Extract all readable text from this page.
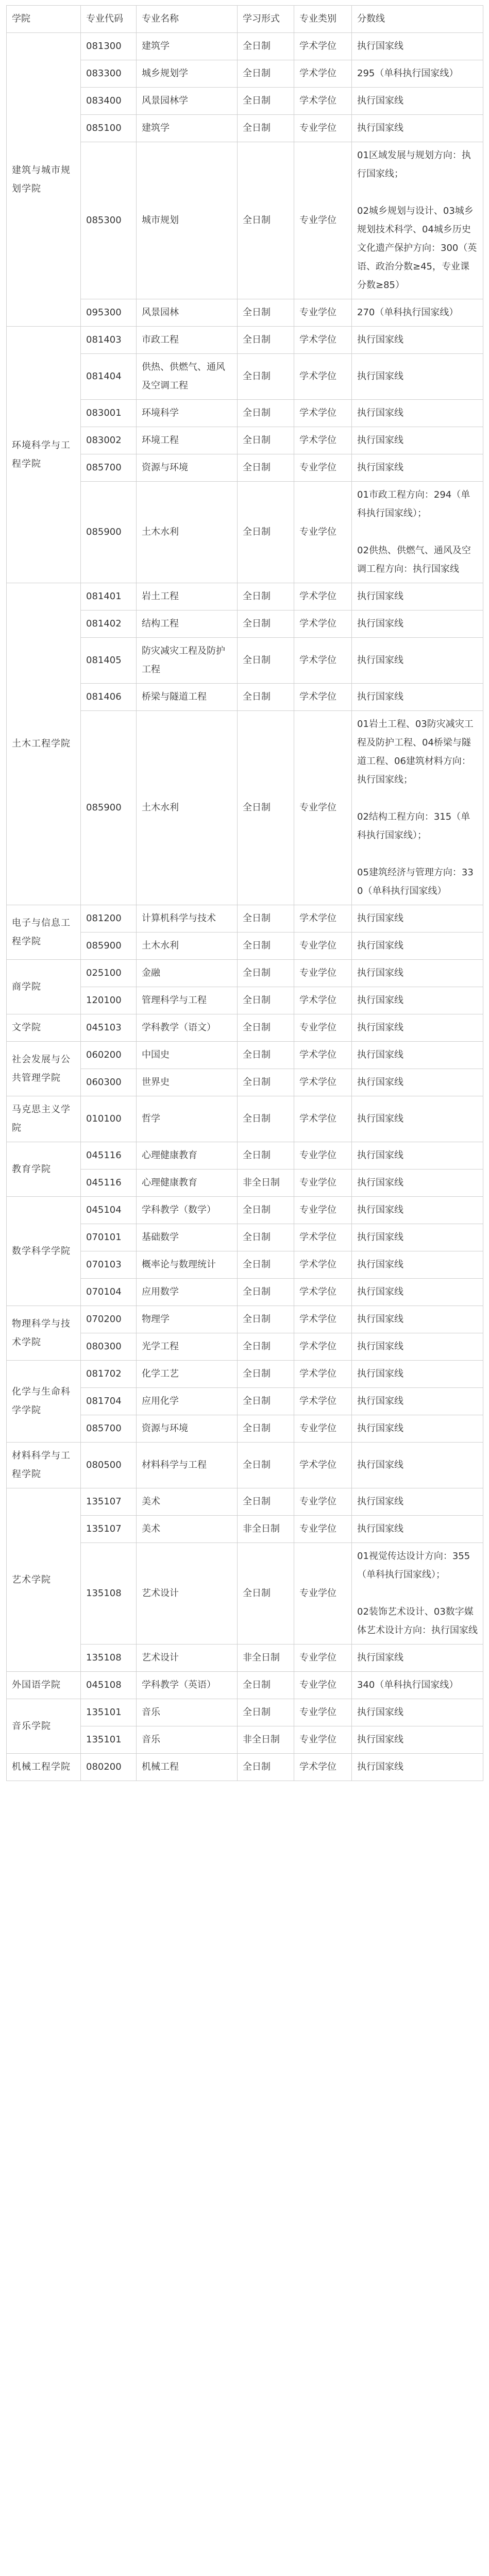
学院	专业代码	专业名称	学习形式	专业类别	分数线
建筑与城市规划学院	081300	建筑学	全日制	学术学位	执行国家线
	083300	城乡规划学	全日制	学术学位	295（单科执行国家线）
	083400	风景园林学	全日制	学术学位	执行国家线
	085100	建筑学	全日制	专业学位	执行国家线
	085300	城市规划	全日制	专业学位	01区域发展与规划方向：执行国家线；

02城乡规划与设计、03城乡规划技术科学、04城乡历史文化遗产保护方向：300（英语、政治分数≥45，专业课分数≥85）
	095300	风景园林	全日制	专业学位	270（单科执行国家线）
环境科学与工程学院	081403	市政工程	全日制	学术学位	执行国家线
	081404	供热、供燃气、通风及空调工程	全日制	学术学位	执行国家线
	083001	环境科学	全日制	学术学位	执行国家线
	083002	环境工程	全日制	学术学位	执行国家线
	085700	资源与环境	全日制	专业学位	执行国家线
	085900	土木水利	全日制	专业学位	01市政工程方向：294（单科执行国家线）；

02供热、供燃气、通风及空调工程方向：执行国家线
土木工程学院	081401	岩土工程	全日制	学术学位	执行国家线
	081402	结构工程	全日制	学术学位	执行国家线
	081405	防灾减灾工程及防护工程	全日制	学术学位	执行国家线
	081406	桥梁与隧道工程	全日制	学术学位	执行国家线
	085900	土木水利	全日制	专业学位	01岩土工程、03防灾减灾工程及防护工程、04桥梁与隧道工程、06建筑材料方向：执行国家线；

02结构工程方向：315（单科执行国家线）；

05建筑经济与管理方向：330（单科执行国家线）
电子与信息工程学院	081200	计算机科学与技术	全日制	学术学位	执行国家线
	085900	土木水利	全日制	专业学位	执行国家线
商学院	025100	金融	全日制	专业学位	执行国家线
	120100	管理科学与工程	全日制	学术学位	执行国家线
文学院	045103	学科教学（语文）	全日制	专业学位	执行国家线
社会发展与公共管理学院	060200	中国史	全日制	学术学位	执行国家线
	060300	世界史	全日制	学术学位	执行国家线
马克思主义学院	010100	哲学	全日制	学术学位	执行国家线
教育学院	045116	心理健康教育	全日制	专业学位	执行国家线
	045116	心理健康教育	非全日制	专业学位	执行国家线
数学科学学院	045104	学科教学（数学）	全日制	专业学位	执行国家线
	070101	基础数学	全日制	学术学位	执行国家线
	070103	概率论与数理统计	全日制	学术学位	执行国家线
	070104	应用数学	全日制	学术学位	执行国家线
物理科学与技术学院	070200	物理学	全日制	学术学位	执行国家线
	080300	光学工程	全日制	学术学位	执行国家线
化学与生命科学学院	081702	化学工艺	全日制	学术学位	执行国家线
	081704	应用化学	全日制	学术学位	执行国家线
	085700	资源与环境	全日制	专业学位	执行国家线
材料科学与工程学院	080500	材料科学与工程	全日制	学术学位	执行国家线
艺术学院	135107	美术	全日制	专业学位	执行国家线
	135107	美术	非全日制	专业学位	执行国家线
	135108	艺术设计	全日制	专业学位	01视觉传达设计方向：355（单科执行国家线）；

02装饰艺术设计、03数字媒体艺术设计方向：执行国家线
	135108	艺术设计	非全日制	专业学位	执行国家线
外国语学院	045108	学科教学（英语）	全日制	专业学位	340（单科执行国家线）
音乐学院	135101	音乐	全日制	专业学位	执行国家线
	135101	音乐	非全日制	专业学位	执行国家线
机械工程学院	080200	机械工程	全日制	学术学位	执行国家线
